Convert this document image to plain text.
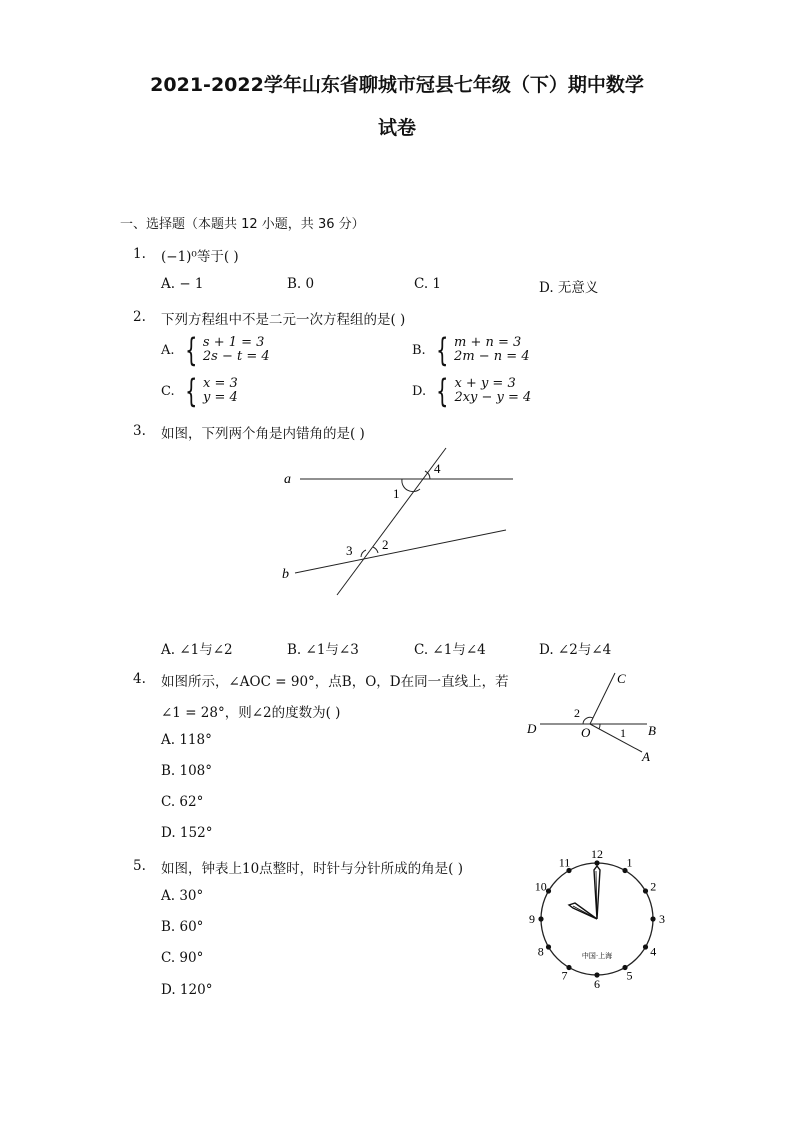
2021-2022学年山东省聊城市冠县七年级（下）期中数学
试卷
一、选择题（本题共 12 小题，共 36 分）
1. (−1)⁰等于( )
A. − 1	B. 0	C. 1	D. 无意义
2. 下列方程组中不是二元一次方程组的是( )
A. { s + 1 = 3
2s − t = 4	B. { m + n = 3
2m − n = 4
C. { x = 3
y = 4	D. { x + y = 3
2xy − y = 4
3. 如图，下列两个角是内错角的是( )
a
b
1
2
3
4
A. ∠1与∠2	B. ∠1与∠3	C. ∠1与∠4	D. ∠2与∠4
4. 如图所示，∠AOC = 90°，点B，O，D在同一直线上，若
∠1 = 28°，则∠2的度数为( )
A. 118°
B. 108°
C. 62°
D. 152°
C
D	O	B
A
1
2
5. 如图，钟表上10点整时，时针与分针所成的角是( )
A. 30°
B. 60°
C. 90°
D. 120°
12
1
2
3
4
5
6
7
8
9
10
11
中国·上海
